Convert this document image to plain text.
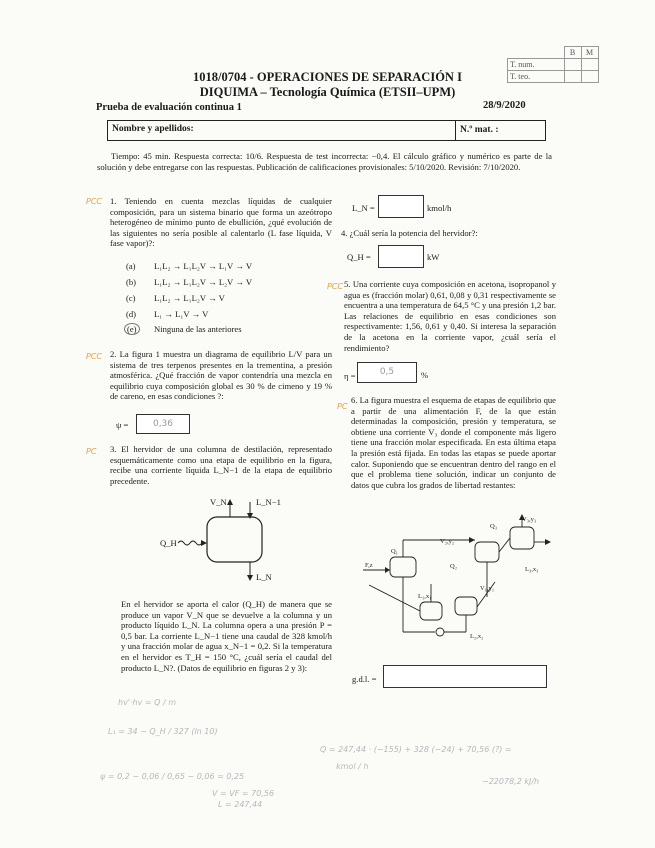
	B	M
T. num.		
T. teo.		
1018/0704 - OPERACIONES DE SEPARACIÓN I
DIQUIMA – Tecnología Química (ETSII–UPM)
Prueba de evaluación continua 1	28/9/2020
Nombre y apellidos:	N.º mat. :
Tiempo: 45 min. Respuesta correcta: 10/6. Respuesta de test incorrecta: −0,4. El cálculo gráfico y numérico es parte de la solución y debe entregarse con las respuestas. Publicación de calificaciones provisionales: 5/10/2020. Revisión: 7/10/2020.
PCC 1. Teniendo en cuenta mezclas líquidas de cualquier composición, para un sistema binario que forma un azeótropo heterogéneo de mínimo punto de ebullición, ¿qué evolución de las siguientes no sería posible al calentarlo (L fase líquida, V fase vapor)?:
(a) L₁L₂ → L₁L₂V → L₁V → V
(b) L₁L₂ → L₁L₂V → L₂V → V
(c) L₁L₂ → L₁L₂V → V
(d) L₁ → L₁V → V
(e) Ninguna de las anteriores
PCC 2. La figura 1 muestra un diagrama de equilibrio L/V para un sistema de tres terpenos presentes en la trementina, a presión atmosférica. ¿Qué fracción de vapor contendría una mezcla en equilibrio cuya composición global es 30 % de cimeno y 19 % de careno, en esas condiciones ?:
ψ =	0,36
PC 3. El hervidor de una columna de destilación, representado esquemáticamente como una etapa de equilibrio en la figura, recibe una corriente líquida L_N−1 de la etapa de equilibrio precedente.
V_N	L_N−1
Q_H
L_N
En el hervidor se aporta el calor (Q_H) de manera que se produce un vapor V_N que se devuelve a la columna y un producto líquido L_N. La columna opera a una presión P = 0,5 bar. La corriente L_N−1 tiene una caudal de 328 kmol/h y una fracción molar de agua x_N−1 = 0,2. Si la temperatura en el hervidor es T_H = 150 °C, ¿cuál sería el caudal del producto L_N?. (Datos de equilibrio en figuras 2 y 3):
L_N =	kmol/h
4. ¿Cuál sería la potencia del hervidor?:
Q_H =	kW
PCC 5. Una corriente cuya composición en acetona, isopropanol y agua es (fracción molar) 0,61, 0,08 y 0,31 respectivamente se encuentra a una temperatura de 64,5 °C y una presión 1,2 bar. Las relaciones de equilibrio en esas condiciones son respectivamente: 1,56, 0,61 y 0,40. Si interesa la separación de la acetona en la corriente vapor, ¿cuál sería el rendimiento?
η =	0,5	%
PC
6. La figura muestra el esquema de etapas de equilibrio que a partir de una alimentación F, de la que están determinadas la composición, presión y temperatura, se obtiene una corriente V₃ donde el componente más ligero tiene una fracción molar especificada. En esta última etapa la presión está fijada. En todas las etapas se puede aportar calor. Suponiendo que se encuentran dentro del rango en el que el problema tiene solución, indicar un conjunto de datos que cubra los grados de libertad restantes:
F,z
V₂,y₂
Q₃
V₃,y₃
L₃,x₃
Q₁
Q₂
V₁,y₁
L₁,x₁
L₂,x₂
g.d.l. =
hv'·hv = Q / m
L₁ = 34 − Q_H / 327 (ln 10)
ψ = 0,2 − 0,06 / 0,65 − 0,06 = 0,25
V = VF = 70,56
L = 247,44
Q = 247,44 · (−155) + 328 (−24) + 70,56 (?) =
kmol / h
−22078,2 kJ/h
